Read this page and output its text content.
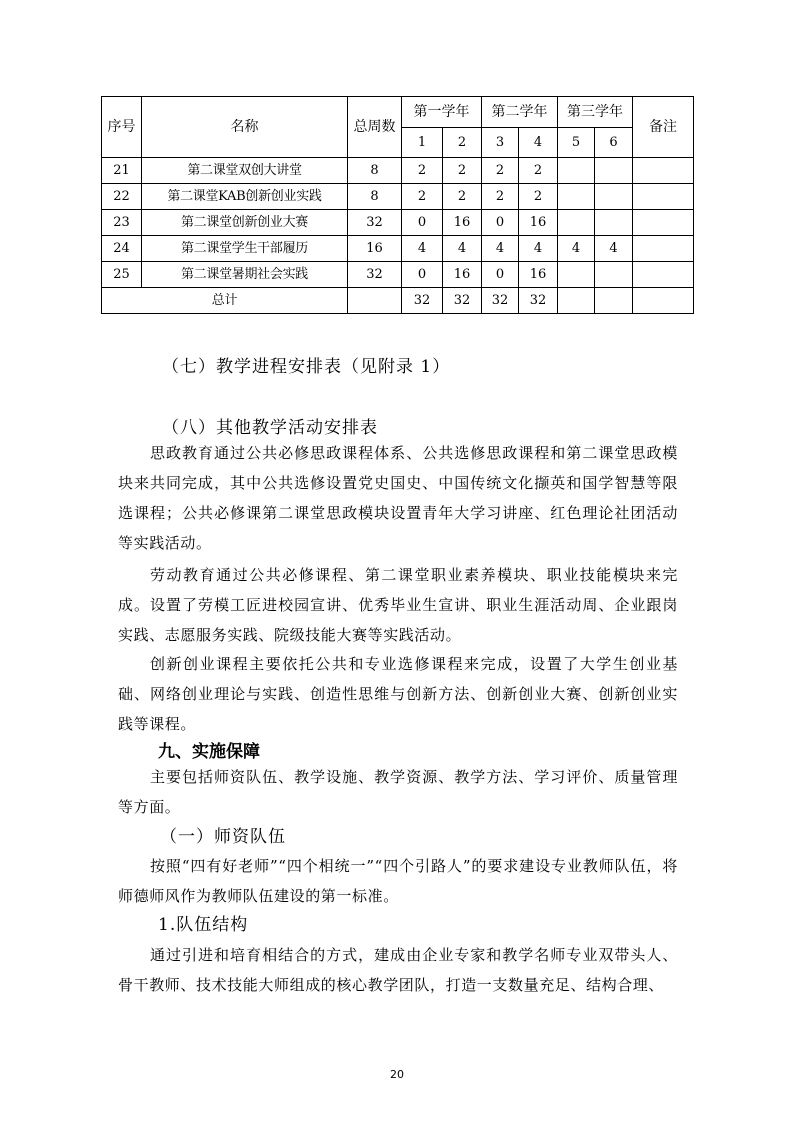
序号	名称	总周数	第一学年		第二学年		第三学年		备注
			1	2	3	4	5	6	
21	第二课堂双创大讲堂	8	2	2	2	2			
22	第二课堂KAB创新创业实践	8	2	2	2	2			
23	第二课堂创新创业大赛	32	0	16	0	16			
24	第二课堂学生干部履历	16	4	4	4	4	4	4	
25	第二课堂暑期社会实践	32	0	16	0	16			
总计			32	32	32	32			
（七）教学进程安排表（见附录 1）
（八）其他教学活动安排表

思政教育通过公共必修思政课程体系、公共选修思政课程和第二课堂思政模块来共同完成，其中公共选修设置党史国史、中国传统文化撷英和国学智慧等限选课程；公共必修课第二课堂思政模块设置青年大学习讲座、红色理论社团活动等实践活动。

劳动教育通过公共必修课程、第二课堂职业素养模块、职业技能模块来完成。设置了劳模工匠进校园宣讲、优秀毕业生宣讲、职业生涯活动周、企业跟岗实践、志愿服务实践、院级技能大赛等实践活动。

创新创业课程主要依托公共和专业选修课程来完成，设置了大学生创业基础、网络创业理论与实践、创造性思维与创新方法、创新创业大赛、创新创业实践等课程。

九、实施保障

主要包括师资队伍、教学设施、教学资源、教学方法、学习评价、质量管理等方面。

（一）师资队伍

按照“四有好老师”“四个相统一”“四个引路人”的要求建设专业教师队伍，将师德师风作为教师队伍建设的第一标准。

1.队伍结构

通过引进和培育相结合的方式，建成由企业专家和教学名师专业双带头人、骨干教师、技术技能大师组成的核心教学团队，打造一支数量充足、结构合理、

20
